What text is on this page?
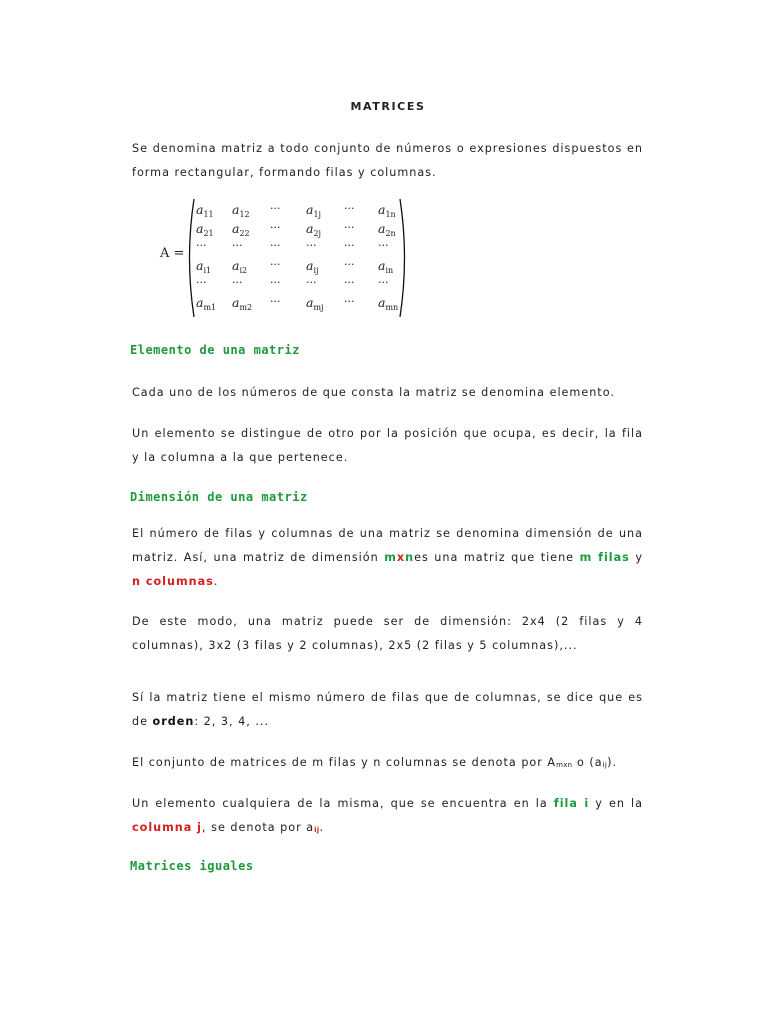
MATRICES

Se denomina matriz a todo conjunto de números o expresiones dispuestos en forma rectangular, formando filas y columnas.

A =
$a_{11}$	$a_{12}$	···	$a_{1j}$	···	$a_{1n}$
$a_{21}$	$a_{22}$	···	$a_{2j}$	···	$a_{2n}$
···	···	···	···	···	···
$a_{i1}$	$a_{i2}$	···	$a_{ij}$	···	$a_{in}$
···	···	···	···	···	···
$a_{m1}$	$a_{m2}$	···	$a_{mj}$	···	$a_{mn}$
Elemento de una matriz

Cada uno de los números de que consta la matriz se denomina elemento.

Un elemento se distingue de otro por la posición que ocupa, es decir, la fila y la columna a la que pertenece.

Dimensión de una matriz

El número de filas y columnas de una matriz se denomina dimensión de una matriz. Así, una matriz de dimensión mxnes una matriz que tiene m filas y n columnas.

De este modo, una matriz puede ser de dimensión: 2x4 (2 filas y 4 columnas), 3x2 (3 filas y 2 columnas), 2x5 (2 filas y 5 columnas),...

Sí la matriz tiene el mismo número de filas que de columnas, se dice que es de orden: 2, 3, 4, ...

El conjunto de matrices de m filas y n columnas se denota por $A_{mxn}$ o $(a_{ij})$.

Un elemento cualquiera de la misma, que se encuentra en la fila i y en la columna j, se denota por $a_{ij}$.

Matrices iguales
